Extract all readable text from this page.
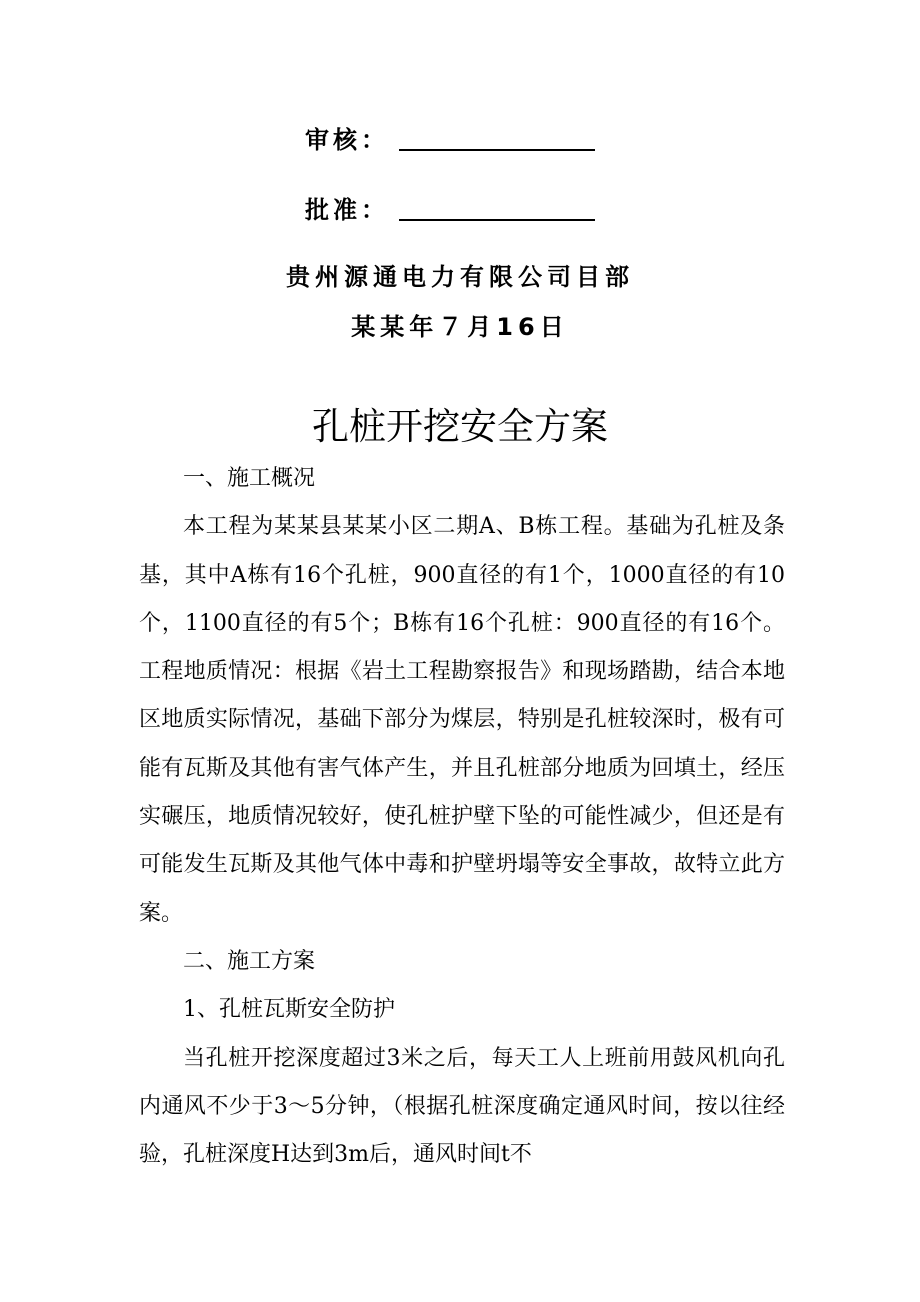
审核：
批准：
贵州源通电力有限公司目部
某某年７月16日
孔桩开挖安全方案

一、施工概况

本工程为某某县某某小区二期A、B栋工程。基础为孔桩及条基，其中A栋有16个孔桩，900直径的有1个，1000直径的有10个，1100直径的有5个；B栋有16个孔桩：900直径的有16个。工程地质情况：根据《岩土工程勘察报告》和现场踏勘，结合本地区地质实际情况，基础下部分为煤层，特别是孔桩较深时，极有可能有瓦斯及其他有害气体产生，并且孔桩部分地质为回填土，经压实碾压，地质情况较好，使孔桩护壁下坠的可能性减少，但还是有可能发生瓦斯及其他气体中毒和护壁坍塌等安全事故，故特立此方案。

二、施工方案

1、孔桩瓦斯安全防护

当孔桩开挖深度超过3米之后，每天工人上班前用鼓风机向孔内通风不少于3～5分钟，（根据孔桩深度确定通风时间，按以往经验，孔桩深度H达到3m后，通风时间t不
